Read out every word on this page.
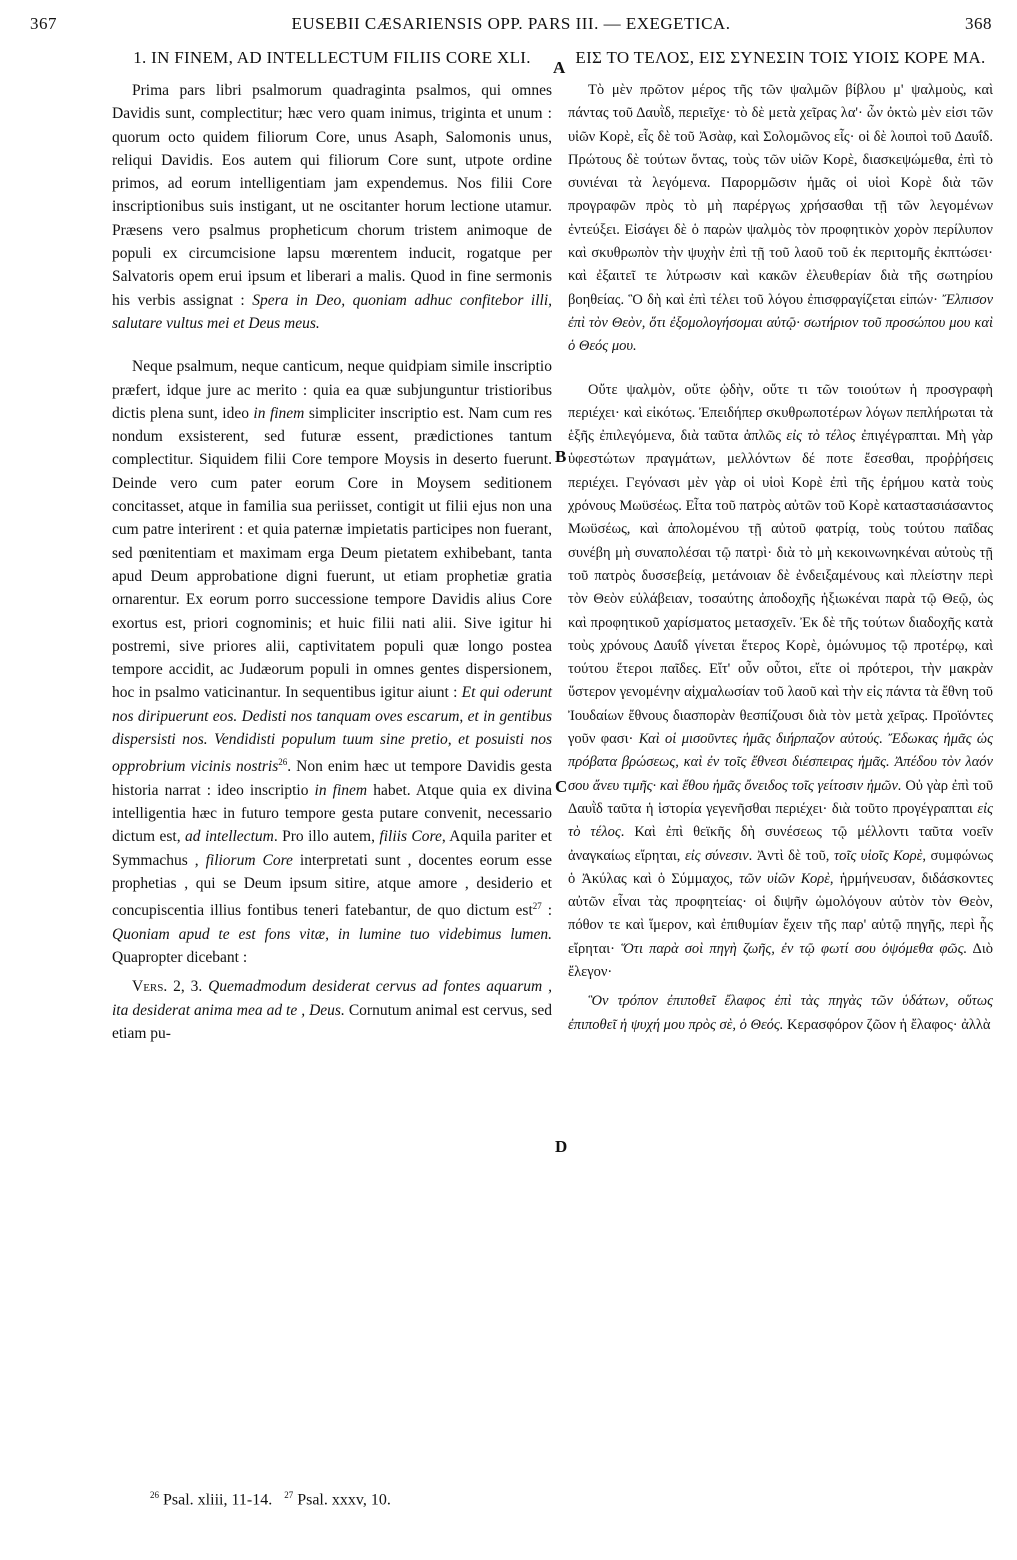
367	EUSEBII CÆSARIENSIS OPP. PARS III. — EXEGETICA.	368
1. IN FINEM, AD INTELLECTUM FILIIS CORE XLI.

Prima pars libri psalmorum quadraginta psalmos, qui omnes Davidis sunt, complectitur; hæc vero quam inimus, triginta et unum : quorum octo quidem filiorum Core, unus Asaph, Salomonis unus, reliqui Davidis. Eos autem qui filiorum Core sunt, utpote ordine primos, ad eorum intelligentiam jam expendemus. Nos filii Core inscriptionibus suis instigant, ut ne oscitanter horum lectione utamur. Præsens vero psalmus propheticum chorum tristem animoque de populi ex circumcisione lapsu mœrentem inducit, rogatque per Salvatoris opem erui ipsum et liberari a malis. Quod in fine sermonis his verbis assignat : Spera in Deo, quoniam adhuc confitebor illi, salutare vultus mei et Deus meus.

Neque psalmum, neque canticum, neque quidpiam simile inscriptio præfert, idque jure ac merito : quia ea quæ subjunguntur tristioribus dictis plena sunt, ideo in finem simpliciter inscriptio est. Nam cum res nondum exsisterent, sed futuræ essent, prædictiones tantum complectitur. Siquidem filii Core tempore Moysis in deserto fuerunt. Deinde vero cum pater eorum Core in Moysem seditionem concitasset, atque in familia sua periisset, contigit ut filii ejus non una cum patre interirent : et quia paternæ impietatis participes non fuerant, sed pœnitentiam et maximam erga Deum pietatem exhibebant, tanta apud Deum approbatione digni fuerunt, ut etiam prophetiæ gratia ornarentur. Ex eorum porro successione tempore Davidis alius Core exortus est, priori cognominis; et huic filii nati alii. Sive igitur hi postremi, sive priores alii, captivitatem populi quæ longo postea tempore accidit, ac Judæorum populi in omnes gentes dispersionem, hoc in psalmo vaticinantur. In sequentibus igitur aiunt : Et qui oderunt nos diripuerunt eos. Dedisti nos tanquam oves escarum, et in gentibus dispersisti nos. Vendidisti populum tuum sine pretio, et posuisti nos opprobrium vicinis nostris$^{26}$. Non enim hæc ut tempore Davidis gesta historia narrat : ideo inscriptio in finem habet. Atque quia ex divina intelligentia hæc in futuro tempore gesta putare convenit, necessario dictum est, ad intellectum. Pro illo autem, filiis Core, Aquila pariter et Symmachus , filiorum Core interpretati sunt , docentes eorum esse prophetias , qui se Deum ipsum sitire, atque amore , desiderio et concupiscentia illius fontibus teneri fatebantur, de quo dictum est$^{27}$ : Quoniam apud te est fons vitæ, in lumine tuo videbimus lumen. Quapropter dicebant :

Vers. 2, 3. Quemadmodum desiderat cervus ad fontes aquarum , ita desiderat anima mea ad te , Deus. Cornutum animal est cervus, sed etiam pu-

A
B
C
D
ΕΙΣ ΤΟ ΤΕΛΟΣ, ΕΙΣ ΣΥΝΕΣΙΝ ΤΟΙΣ ΥΙΟΙΣ ΚΟΡΕ ΜΑ.

Τὸ μὲν πρῶτον μέρος τῆς τῶν ψαλμῶν βίβλου μ' ψαλμοὺς, καὶ πάντας τοῦ Δαυῒδ, περιεῖχε· τὸ δὲ μετὰ χεῖρας λα'· ὧν ὀκτὼ μὲν εἰσι τῶν υἱῶν Κορὲ, εἷς δὲ τοῦ Ἀσὰφ, καὶ Σολομῶνος εἷς· οἱ δὲ λοιποὶ τοῦ Δαυΐδ. Πρώτους δὲ τούτων ὄντας, τοὺς τῶν υἱῶν Κορὲ, διασκεψώμεθα, ἐπὶ τὸ συνιέναι τὰ λεγόμενα. Παρορμῶσιν ἡμᾶς οἱ υἱοὶ Κορὲ διὰ τῶν προγραφῶν πρὸς τὸ μὴ παρέργως χρήσασθαι τῇ τῶν λεγομένων ἐντεύξει. Εἰσάγει δὲ ὁ παρὼν ψαλμὸς τὸν προφητικὸν χορὸν περίλυπον καὶ σκυθρωπὸν τὴν ψυχὴν ἐπὶ τῇ τοῦ λαοῦ τοῦ ἐκ περιτομῆς ἐκπτώσει· καὶ ἐξαιτεῖ τε λύτρωσιν καὶ κακῶν ἐλευθερίαν διὰ τῆς σωτηρίου βοηθείας. Ὃ δὴ καὶ ἐπὶ τέλει τοῦ λόγου ἐπισφραγίζεται εἰπών· Ἔλπισον ἐπὶ τὸν Θεὸν, ὅτι ἐξομολογήσομαι αὐτῷ· σωτήριον τοῦ προσώπου μου καὶ ὁ Θεός μου.

Οὔτε ψαλμὸν, οὔτε ᾠδὴν, οὔτε τι τῶν τοιούτων ἡ προσγραφὴ περιέχει· καὶ εἰκότως. Ἐπειδήπερ σκυθρωποτέρων λόγων πεπλήρωται τὰ ἑξῆς ἐπιλεγόμενα, διὰ ταῦτα ἁπλῶς εἰς τὸ τέλος ἐπιγέγραπται. Μὴ γὰρ ὑφεστώτων πραγμάτων, μελλόντων δέ ποτε ἔσεσθαι, προῤῥήσεις περιέχει. Γεγόνασι μὲν γὰρ οἱ υἱοὶ Κορὲ ἐπὶ τῆς ἐρήμου κατὰ τοὺς χρόνους Μωϋσέως. Εἶτα τοῦ πατρὸς αὐτῶν τοῦ Κορὲ καταστασιάσαντος Μωϋσέως, καὶ ἀπολομένου τῇ αὐτοῦ φατρίᾳ, τοὺς τούτου παῖδας συνέβη μὴ συναπολέσαι τῷ πατρὶ· διὰ τὸ μὴ κεκοινωνηκέναι αὐτοὺς τῇ τοῦ πατρὸς δυσσεβείᾳ, μετάνοιαν δὲ ἐνδειξαμένους καὶ πλείστην περὶ τὸν Θεὸν εὐλάβειαν, τοσαύτης ἀποδοχῆς ἠξιωκέναι παρὰ τῷ Θεῷ, ὡς καὶ προφητικοῦ χαρίσματος μετασχεῖν. Ἐκ δὲ τῆς τούτων διαδοχῆς κατὰ τοὺς χρόνους Δαυΐδ γίνεται ἕτερος Κορὲ, ὁμώνυμος τῷ προτέρῳ, καὶ τούτου ἕτεροι παῖδες. Εἴτ' οὖν οὗτοι, εἴτε οἱ πρότεροι, τὴν μακρὰν ὕστερον γενομένην αἰχμαλωσίαν τοῦ λαοῦ καὶ τὴν εἰς πάντα τὰ ἔθνη τοῦ Ἰουδαίων ἔθνους διασπορὰν θεσπίζουσι διὰ τὸν μετὰ χεῖρας. Προϊόντες γοῦν φασι· Καὶ οἱ μισοῦντες ἡμᾶς διήρπαζον αὐτούς. Ἔδωκας ἡμᾶς ὡς πρόβατα βρώσεως, καὶ ἐν τοῖς ἔθνεσι διέσπειρας ἡμᾶς. Ἀπέδου τὸν λαόν σου ἄνευ τιμῆς· καὶ ἔθου ἡμᾶς ὄνειδος τοῖς γείτοσιν ἡμῶν. Οὐ γὰρ ἐπὶ τοῦ Δαυῒδ ταῦτα ἡ ἱστορία γεγενῆσθαι περιέχει· διὰ τοῦτο προγέγραπται εἰς τὸ τέλος. Καὶ ἐπὶ θεϊκῆς δὴ συνέσεως τῷ μέλλοντι ταῦτα νοεῖν ἀναγκαίως εἴρηται, εἰς σύνεσιν. Ἀντὶ δὲ τοῦ, τοῖς υἱοῖς Κορὲ, συμφώνως ὁ Ἀκύλας καὶ ὁ Σύμμαχος, τῶν υἱῶν Κορὲ, ἡρμήνευσαν, διδάσκοντες αὐτῶν εἶναι τὰς προφητείας· οἱ διψῆν ὡμολόγουν αὐτὸν τὸν Θεὸν, πόθον τε καὶ ἵμερον, καὶ ἐπιθυμίαν ἔχειν τῆς παρ' αὐτῷ πηγῆς, περὶ ἧς εἴρηται· Ὅτι παρὰ σοὶ πηγὴ ζωῆς, ἐν τῷ φωτί σου ὀψόμεθα φῶς. Διὸ ἔλεγον·

Ὃν τρόπον ἐπιποθεῖ ἔλαφος ἐπὶ τὰς πηγὰς τῶν ὑδάτων, οὕτως ἐπιποθεῖ ἡ ψυχή μου πρὸς σὲ, ὁ Θεός. Κερασφόρον ζῶον ἡ ἔλαφος· ἀλλὰ

$^{26}$ Psal. xliii, 11-14. $^{27}$ Psal. xxxv, 10.
